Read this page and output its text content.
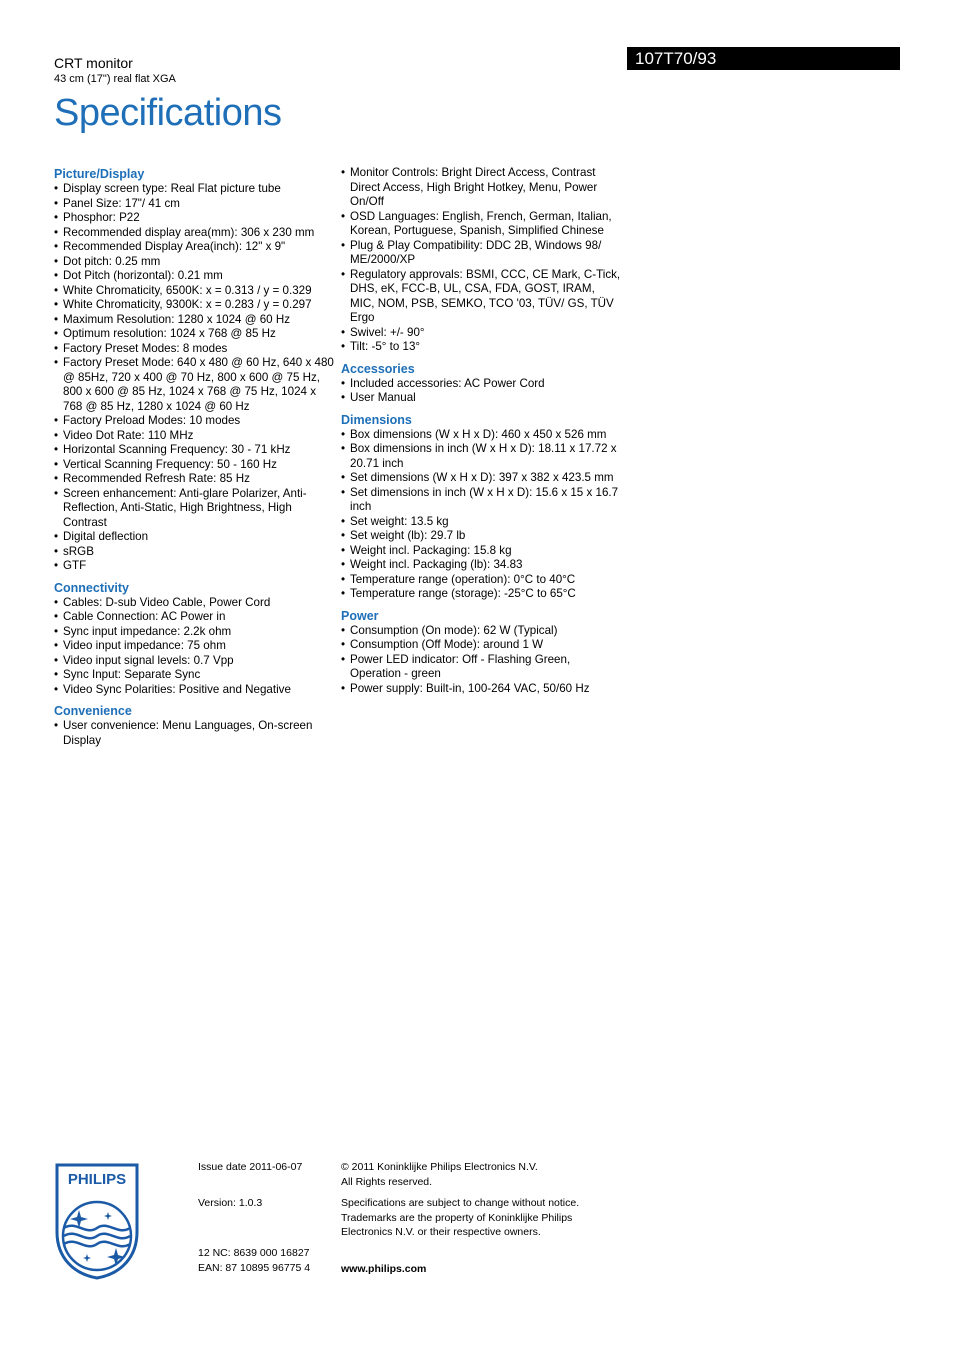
CRT monitor
43 cm (17") real flat XGA
Specifications
107T70/93
Picture/Display
• Display screen type: Real Flat picture tube
• Panel Size: 17"/ 41 cm
• Phosphor: P22
• Recommended display area(mm): 306 x 230 mm
• Recommended Display Area(inch): 12" x 9"
• Dot pitch: 0.25 mm
• Dot Pitch (horizontal): 0.21 mm
• White Chromaticity, 6500K: x = 0.313 / y = 0.329
• White Chromaticity, 9300K: x = 0.283 / y = 0.297
• Maximum Resolution: 1280 x 1024 @ 60 Hz
• Optimum resolution: 1024 x 768 @ 85 Hz
• Factory Preset Modes: 8 modes
• Factory Preset Mode: 640 x 480 @ 60 Hz, 640 x 480 @ 85Hz, 720 x 400 @ 70 Hz, 800 x 600 @ 75 Hz, 800 x 600 @ 85 Hz, 1024 x 768 @ 75 Hz, 1024 x 768 @ 85 Hz, 1280 x 1024 @ 60 Hz
• Factory Preload Modes: 10 modes
• Video Dot Rate: 110 MHz
• Horizontal Scanning Frequency: 30 - 71 kHz
• Vertical Scanning Frequency: 50 - 160 Hz
• Recommended Refresh Rate: 85 Hz
• Screen enhancement: Anti-glare Polarizer, Anti-Reflection, Anti-Static, High Brightness, High Contrast
• Digital deflection
• sRGB
• GTF
Connectivity
• Cables: D-sub Video Cable, Power Cord
• Cable Connection: AC Power in
• Sync input impedance: 2.2k ohm
• Video input impedance: 75 ohm
• Video input signal levels: 0.7 Vpp
• Sync Input: Separate Sync
• Video Sync Polarities: Positive and Negative
Convenience
• User convenience: Menu Languages, On-screen Display
• Monitor Controls: Bright Direct Access, Contrast Direct Access, High Bright Hotkey, Menu, Power On/Off
• OSD Languages: English, French, German, Italian, Korean, Portuguese, Spanish, Simplified Chinese
• Plug & Play Compatibility: DDC 2B, Windows 98/ ME/2000/XP
• Regulatory approvals: BSMI, CCC, CE Mark, C-Tick, DHS, eK, FCC-B, UL, CSA, FDA, GOST, IRAM, MIC, NOM, PSB, SEMKO, TCO '03, TÜV/ GS, TÜV Ergo
• Swivel: +/- 90°
• Tilt: -5° to 13°
Accessories
• Included accessories: AC Power Cord
• User Manual
Dimensions
• Box dimensions (W x H x D): 460 x 450 x 526 mm
• Box dimensions in inch (W x H x D): 18.11 x 17.72 x 20.71 inch
• Set dimensions (W x H x D): 397 x 382 x 423.5 mm
• Set dimensions in inch (W x H x D): 15.6 x 15 x 16.7 inch
• Set weight: 13.5 kg
• Set weight (lb): 29.7 lb
• Weight incl. Packaging: 15.8 kg
• Weight incl. Packaging (lb): 34.83
• Temperature range (operation): 0°C to 40°C
• Temperature range (storage): -25°C to 65°C
Power
• Consumption (On mode): 62 W (Typical)
• Consumption (Off Mode): around 1 W
• Power LED indicator: Off - Flashing Green, Operation - green
• Power supply: Built-in, 100-264 VAC, 50/60 Hz
PHILIPS

Issue date 2011-06-07

Version: 1.0.3

12 NC: 8639 000 16827

EAN: 87 10895 96775 4

© 2011 Koninklijke Philips Electronics N.V.

All Rights reserved.

Specifications are subject to change without notice.

Trademarks are the property of Koninklijke Philips

Electronics N.V. or their respective owners.

www.philips.com
